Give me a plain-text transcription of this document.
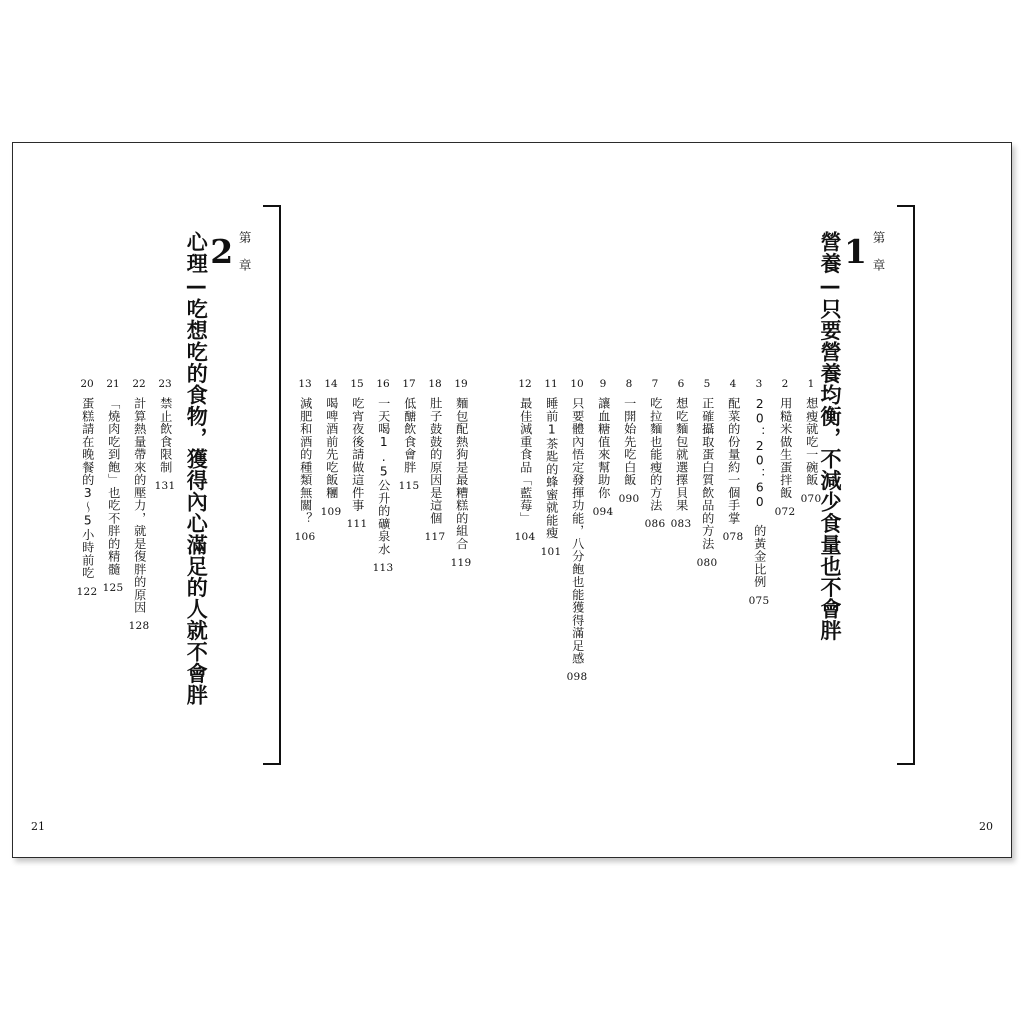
第　章
1
營養—只要營養均衡，不減少食量也不會胖
1
想瘦就吃一碗飯
070
2
用糙米做生蛋拌飯
072
3
20：20：60 的黃金比例
075
4
配菜的份量約一個手掌
078
5
正確攝取蛋白質飲品的方法
080
6
想吃麵包就選擇貝果
083
7
吃拉麵也能瘦的方法
086
8
一開始先吃白飯
090
9
讓血糖值來幫助你
094
10
只要體內悟定發揮功能，八分飽也能獲得滿足感
098
11
睡前1茶匙的蜂蜜就能瘦
101
12
最佳減重食品「藍莓」
104
第　章
2
心理—吃想吃的食物，獲得內心滿足的人就不會胖
23
禁止飲食限制
131
22
計算熱量帶來的壓力，就是復胖的原因
128
21
「燒肉吃到飽」也吃不胖的精髓
125
20
蛋糕請在晚餐的3～5小時前吃
122
19
麵包配熱狗是最糟糕的組合
119
18
肚子鼓鼓的原因是這個
117
17
低醣飲食會胖
115
16
一天喝1.5公升的礦泉水
113
15
吃宵夜後請做這件事
111
14
喝啤酒前先吃飯糰
109
13
減肥和酒的種類無關？
106
21	20
